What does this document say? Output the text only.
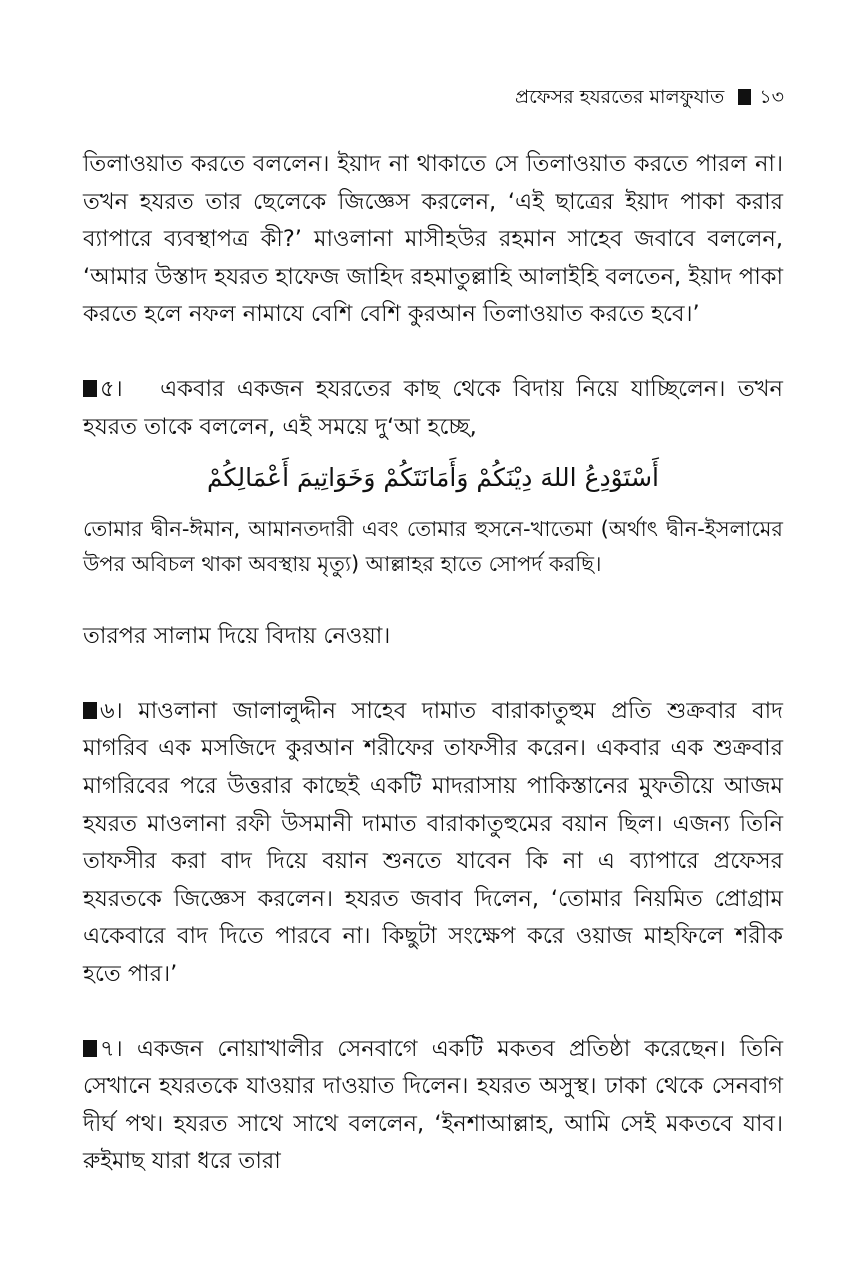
প্রফেসর হযরতের মালফুযাত ১৩

তিলাওয়াত করতে বললেন। ইয়াদ না থাকাতে সে তিলাওয়াত করতে পারল না। তখন হযরত তার ছেলেকে জিজ্ঞেস করলেন, ‘এই ছাত্রের ইয়াদ পাকা করার ব্যাপারে ব্যবস্থাপত্র কী?’ মাওলানা মাসীহউর রহমান সাহেব জবাবে বললেন, ‘আমার উস্তাদ হযরত হাফেজ জাহিদ রহমাতুল্লাহি আলাইহি বলতেন, ইয়াদ পাকা করতে হলে নফল নামাযে বেশি বেশি কুরআন তিলাওয়াত করতে হবে।’

৫। একবার একজন হযরতের কাছ থেকে বিদায় নিয়ে যাচ্ছিলেন। তখন হযরত তাকে বললেন, এই সময়ে দু‘আ হচ্ছে,

أَسْتَوْدِعُ اللهَ دِيْنَكُمْ وَأَمَانَتَكُمْ وَخَوَاتِيمَ أَعْمَالِكُمْ

তোমার দ্বীন-ঈমান, আমানতদারী এবং তোমার হুসনে-খাতেমা (অর্থাৎ দ্বীন-ইসলামের উপর অবিচল থাকা অবস্থায় মৃত্যু) আল্লাহর হাতে সোপর্দ করছি।

তারপর সালাম দিয়ে বিদায় নেওয়া।

৬। মাওলানা জালালুদ্দীন সাহেব দামাত বারাকাতুহুম প্রতি শুক্রবার বাদ মাগরিব এক মসজিদে কুরআন শরীফের তাফসীর করেন। একবার এক শুক্রবার মাগরিবের পরে উত্তরার কাছেই একটি মাদরাসায় পাকিস্তানের মুফতীয়ে আজম হযরত মাওলানা রফী উসমানী দামাত বারাকাতুহুমের বয়ান ছিল। এজন্য তিনি তাফসীর করা বাদ দিয়ে বয়ান শুনতে যাবেন কি না এ ব্যাপারে প্রফেসর হযরতকে জিজ্ঞেস করলেন। হযরত জবাব দিলেন, ‘তোমার নিয়মিত প্রোগ্রাম একেবারে বাদ দিতে পারবে না। কিছুটা সংক্ষেপ করে ওয়াজ মাহফিলে শরীক হতে পার।’

৭। একজন নোয়াখালীর সেনবাগে একটি মকতব প্রতিষ্ঠা করেছেন। তিনি সেখানে হযরতকে যাওয়ার দাওয়াত দিলেন। হযরত অসুস্থ। ঢাকা থেকে সেনবাগ দীর্ঘ পথ। হযরত সাথে সাথে বললেন, ‘ইনশাআল্লাহ, আমি সেই মকতবে যাব। রুইমাছ যারা ধরে তারা
